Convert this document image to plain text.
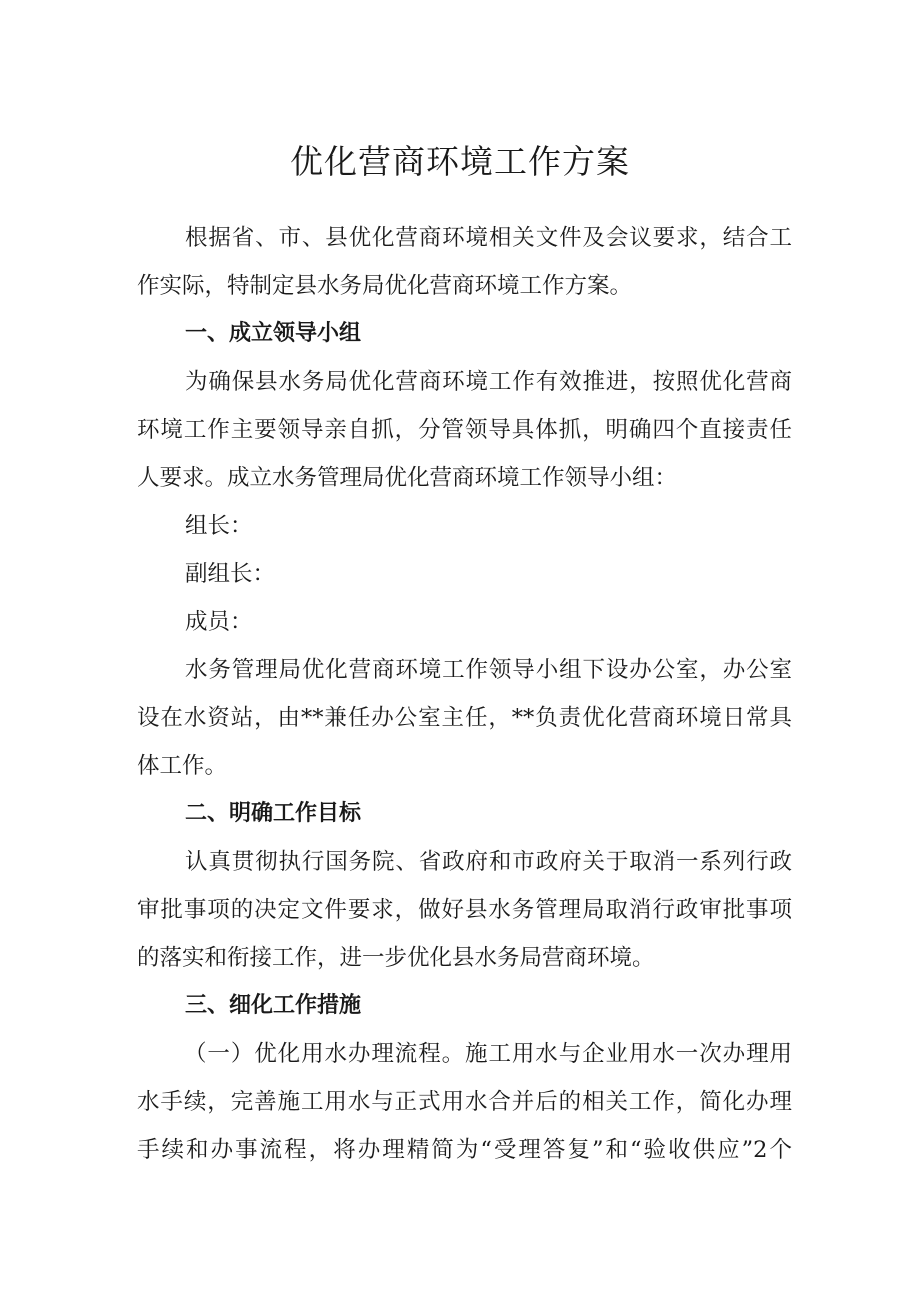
优化营商环境工作方案
根据省、市、县优化营商环境相关文件及会议要求，结合工
作实际，特制定县水务局优化营商环境工作方案。
一、成立领导小组
为确保县水务局优化营商环境工作有效推进，按照优化营商
环境工作主要领导亲自抓，分管领导具体抓，明确四个直接责任
人要求。成立水务管理局优化营商环境工作领导小组：
组长：
副组长：
成员：
水务管理局优化营商环境工作领导小组下设办公室，办公室
设在水资站，由**兼任办公室主任，**负责优化营商环境日常具
体工作。
二、明确工作目标
认真贯彻执行国务院、省政府和市政府关于取消一系列行政
审批事项的决定文件要求，做好县水务管理局取消行政审批事项
的落实和衔接工作，进一步优化县水务局营商环境。
三、细化工作措施
（一）优化用水办理流程。施工用水与企业用水一次办理用
水手续，完善施工用水与正式用水合并后的相关工作，简化办理
手续和办事流程，将办理精简为“受理答复”和“验收供应”2个
